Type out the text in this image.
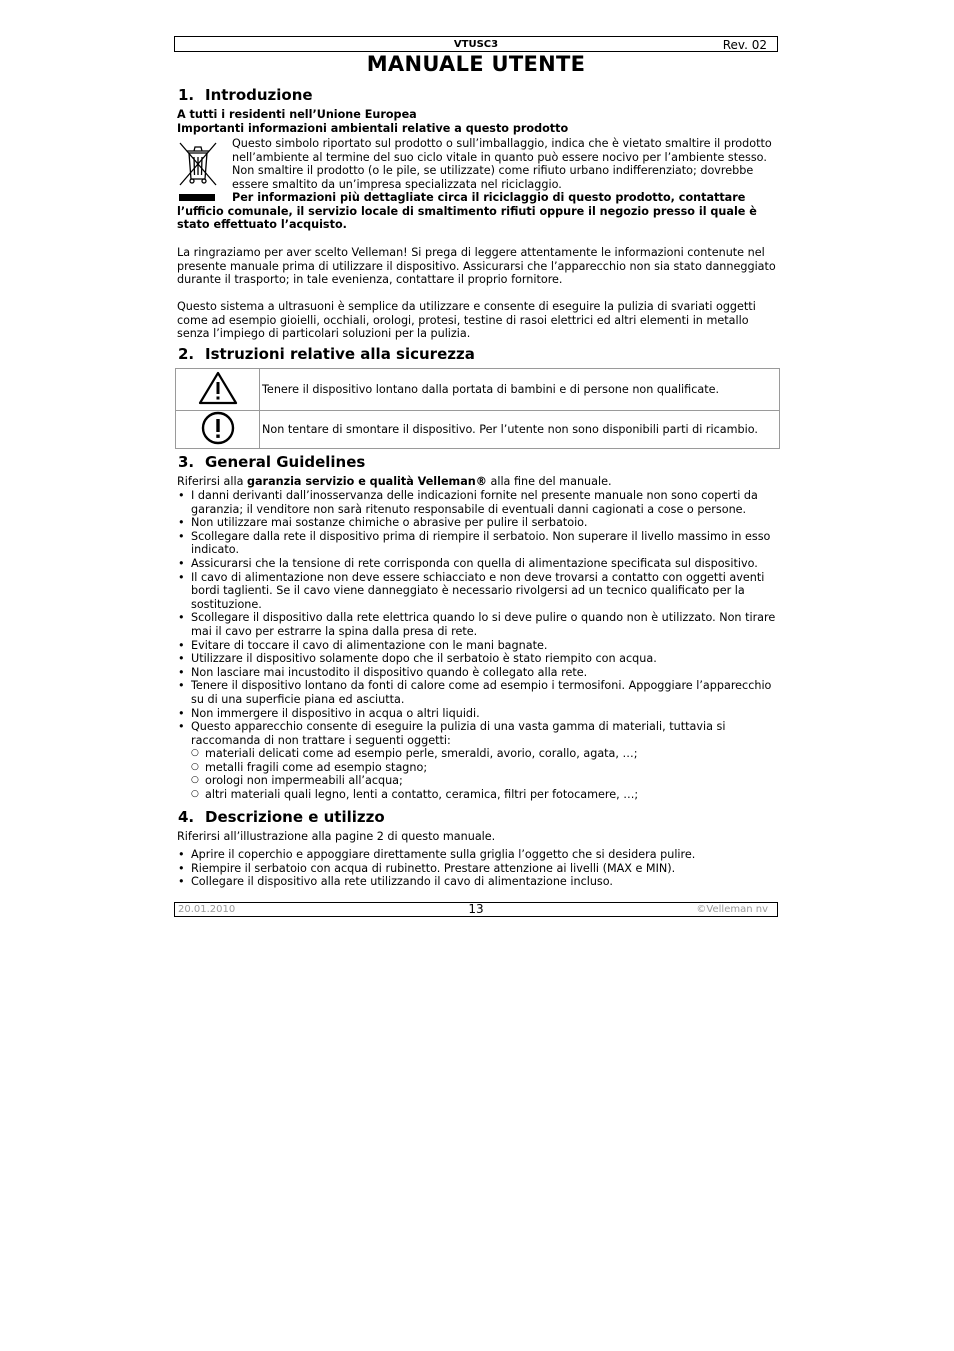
VTUSC3	Rev. 02
MANUALE UTENTE
1. Introduzione
A tutti i residenti nell’Unione Europea
Importanti informazioni ambientali relative a questo prodotto
Questo simbolo riportato sul prodotto o sull’imballaggio, indica che è vietato smaltire il prodotto nell’ambiente al termine del suo ciclo vitale in quanto può essere nocivo per l’ambiente stesso. Non smaltire il prodotto (o le pile, se utilizzate) come rifiuto urbano indifferenziato; dovrebbe essere smaltito da un’impresa specializzata nel riciclaggio.
Per informazioni più dettagliate circa il riciclaggio di questo prodotto, contattare l’ufficio comunale, il servizio locale di smaltimento rifiuti oppure il negozio presso il quale è stato effettuato l’acquisto.
La ringraziamo per aver scelto Velleman! Si prega di leggere attentamente le informazioni contenute nel presente manuale prima di utilizzare il dispositivo. Assicurarsi che l’apparecchio non sia stato danneggiato durante il trasporto; in tale evenienza, contattare il proprio fornitore.
Questo sistema a ultrasuoni è semplice da utilizzare e consente di eseguire la pulizia di svariati oggetti come ad esempio gioielli, occhiali, orologi, protesi, testine di rasoi elettrici ed altri elementi in metallo senza l’impiego di particolari soluzioni per la pulizia.
2. Istruzioni relative alla sicurezza
	Tenere il dispositivo lontano dalla portata di bambini e di persone non qualificate.
	Non tentare di smontare il dispositivo. Per l’utente non sono disponibili parti di ricambio.
3. General Guidelines
Riferirsi alla garanzia servizio e qualità Velleman® alla fine del manuale.
• I danni derivanti dall’inosservanza delle indicazioni fornite nel presente manuale non sono coperti da garanzia; il venditore non sarà ritenuto responsabile di eventuali danni cagionati a cose o persone.
• Non utilizzare mai sostanze chimiche o abrasive per pulire il serbatoio.
• Scollegare dalla rete il dispositivo prima di riempire il serbatoio. Non superare il livello massimo in esso indicato.
• Assicurarsi che la tensione di rete corrisponda con quella di alimentazione specificata sul dispositivo.
• Il cavo di alimentazione non deve essere schiacciato e non deve trovarsi a contatto con oggetti aventi bordi taglienti. Se il cavo viene danneggiato è necessario rivolgersi ad un tecnico qualificato per la sostituzione.
• Scollegare il dispositivo dalla rete elettrica quando lo si deve pulire o quando non è utilizzato. Non tirare mai il cavo per estrarre la spina dalla presa di rete.
• Evitare di toccare il cavo di alimentazione con le mani bagnate.
• Utilizzare il dispositivo solamente dopo che il serbatoio è stato riempito con acqua.
• Non lasciare mai incustodito il dispositivo quando è collegato alla rete.
• Tenere il dispositivo lontano da fonti di calore come ad esempio i termosifoni. Appoggiare l’apparecchio su di una superficie piana ed asciutta.
• Non immergere il dispositivo in acqua o altri liquidi.
• Questo apparecchio consente di eseguire la pulizia di una vasta gamma di materiali, tuttavia si raccomanda di non trattare i seguenti oggetti:
○ materiali delicati come ad esempio perle, smeraldi, avorio, corallo, agata, …;
○ metalli fragili come ad esempio stagno;
○ orologi non impermeabili all’acqua;
○ altri materiali quali legno, lenti a contatto, ceramica, filtri per fotocamere, …;
4. Descrizione e utilizzo
Riferirsi all’illustrazione alla pagine 2 di questo manuale.
• Aprire il coperchio e appoggiare direttamente sulla griglia l’oggetto che si desidera pulire.
• Riempire il serbatoio con acqua di rubinetto. Prestare attenzione ai livelli (MAX e MIN).
• Collegare il dispositivo alla rete utilizzando il cavo di alimentazione incluso.
20.01.2010	13	©Velleman nv
